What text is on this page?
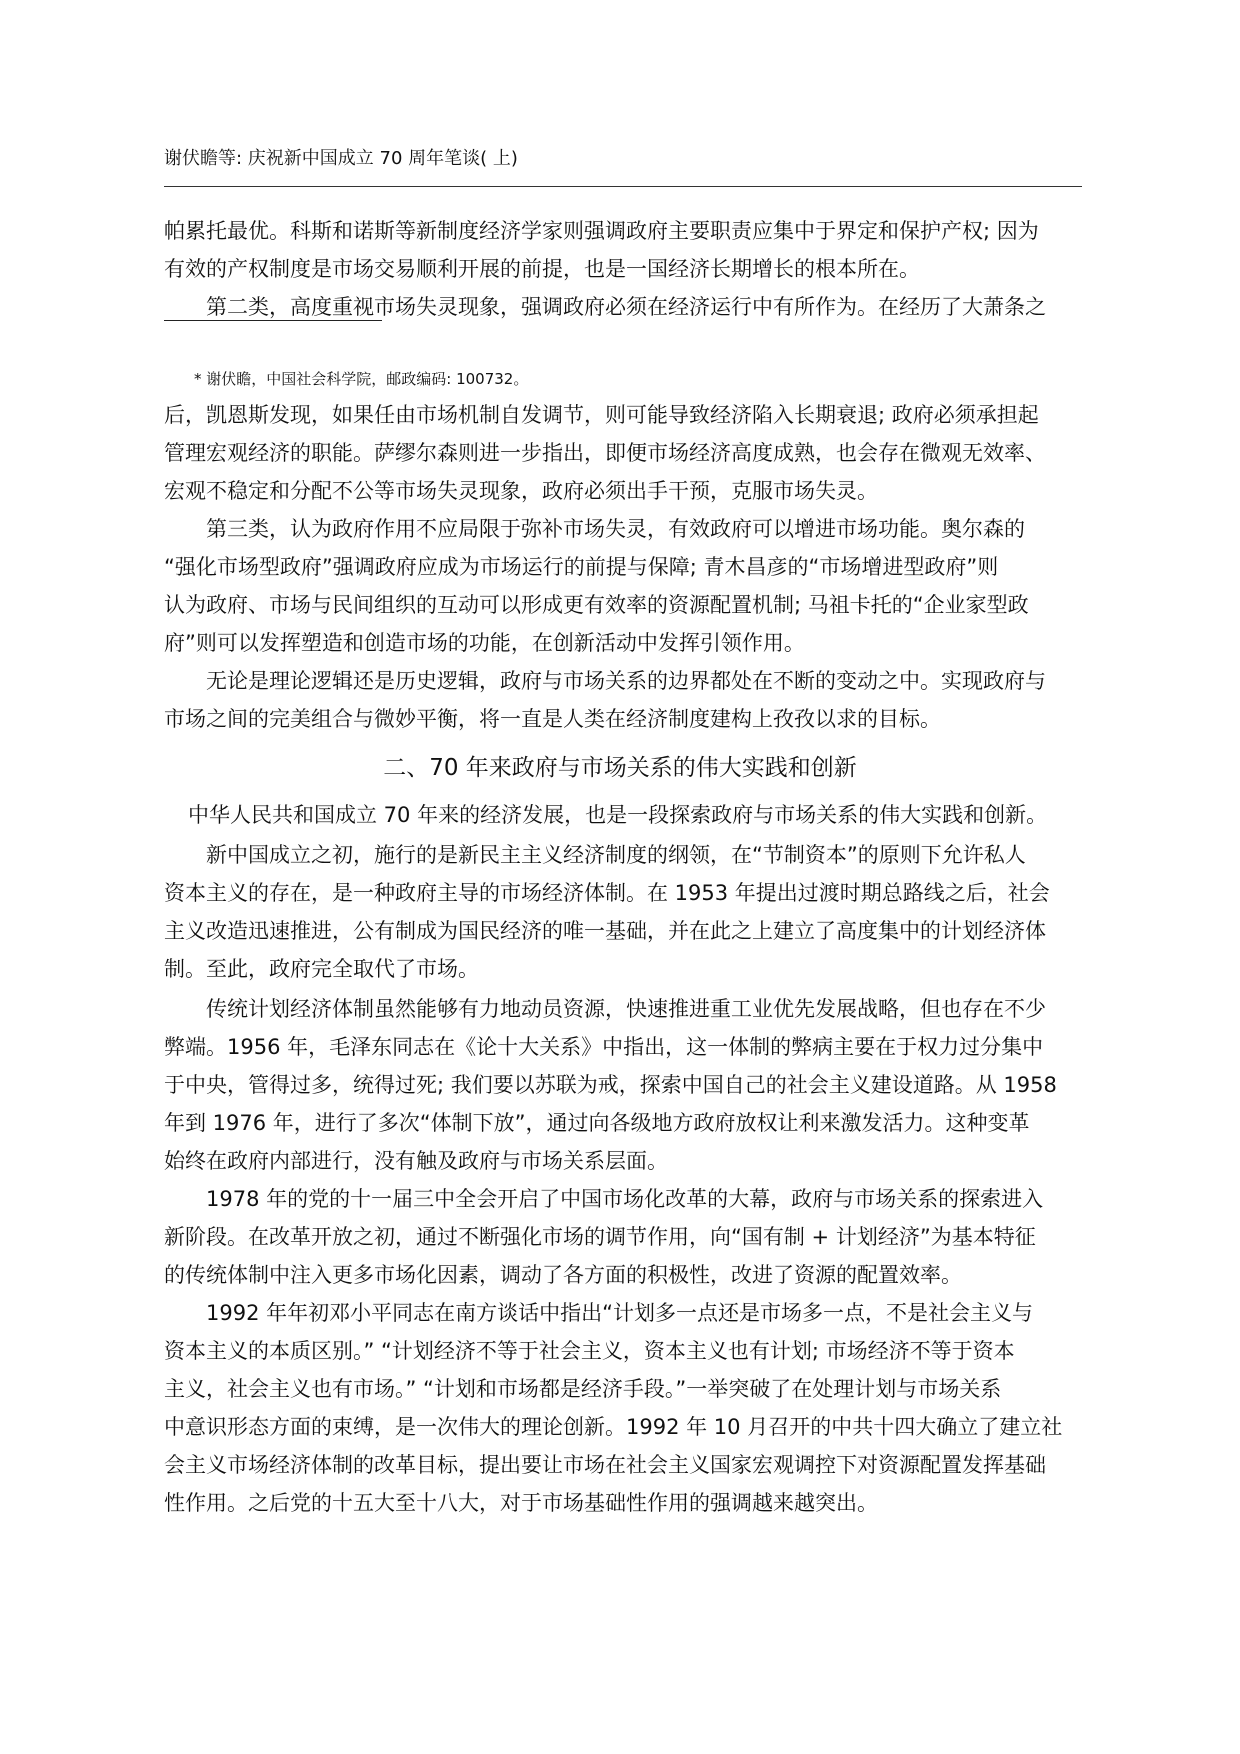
谢伏瞻等: 庆祝新中国成立 70 周年笔谈( 上)
帕累托最优。科斯和诺斯等新制度经济学家则强调政府主要职责应集中于界定和保护产权; 因为
有效的产权制度是市场交易顺利开展的前提，也是一国经济长期增长的根本所在。
第二类，高度重视市场失灵现象，强调政府必须在经济运行中有所作为。在经历了大萧条之
* 谢伏瞻，中国社会科学院，邮政编码: 100732。
后，凯恩斯发现，如果任由市场机制自发调节，则可能导致经济陷入长期衰退; 政府必须承担起
管理宏观经济的职能。萨缪尔森则进一步指出，即便市场经济高度成熟，也会存在微观无效率、
宏观不稳定和分配不公等市场失灵现象，政府必须出手干预，克服市场失灵。
第三类，认为政府作用不应局限于弥补市场失灵，有效政府可以增进市场功能。奥尔森的
“强化市场型政府”强调政府应成为市场运行的前提与保障; 青木昌彦的“市场增进型政府”则
认为政府、市场与民间组织的互动可以形成更有效率的资源配置机制; 马祖卡托的“企业家型政
府”则可以发挥塑造和创造市场的功能，在创新活动中发挥引领作用。
无论是理论逻辑还是历史逻辑，政府与市场关系的边界都处在不断的变动之中。实现政府与
市场之间的完美组合与微妙平衡，将一直是人类在经济制度建构上孜孜以求的目标。
二、70 年来政府与市场关系的伟大实践和创新
中华人民共和国成立 70 年来的经济发展，也是一段探索政府与市场关系的伟大实践和创新。
新中国成立之初，施行的是新民主主义经济制度的纲领，在“节制资本”的原则下允许私人
资本主义的存在，是一种政府主导的市场经济体制。在 1953 年提出过渡时期总路线之后，社会
主义改造迅速推进，公有制成为国民经济的唯一基础，并在此之上建立了高度集中的计划经济体
制。至此，政府完全取代了市场。
传统计划经济体制虽然能够有力地动员资源，快速推进重工业优先发展战略，但也存在不少
弊端。1956 年，毛泽东同志在《论十大关系》中指出，这一体制的弊病主要在于权力过分集中
于中央，管得过多，统得过死; 我们要以苏联为戒，探索中国自己的社会主义建设道路。从 1958
年到 1976 年，进行了多次“体制下放”，通过向各级地方政府放权让利来激发活力。这种变革
始终在政府内部进行，没有触及政府与市场关系层面。
1978 年的党的十一届三中全会开启了中国市场化改革的大幕，政府与市场关系的探索进入
新阶段。在改革开放之初，通过不断强化市场的调节作用，向“国有制 + 计划经济”为基本特征
的传统体制中注入更多市场化因素，调动了各方面的积极性，改进了资源的配置效率。
1992 年年初邓小平同志在南方谈话中指出“计划多一点还是市场多一点，不是社会主义与
资本主义的本质区别。” “计划经济不等于社会主义，资本主义也有计划; 市场经济不等于资本
主义，社会主义也有市场。” “计划和市场都是经济手段。”一举突破了在处理计划与市场关系
中意识形态方面的束缚，是一次伟大的理论创新。1992 年 10 月召开的中共十四大确立了建立社
会主义市场经济体制的改革目标，提出要让市场在社会主义国家宏观调控下对资源配置发挥基础
性作用。之后党的十五大至十八大，对于市场基础性作用的强调越来越突出。
